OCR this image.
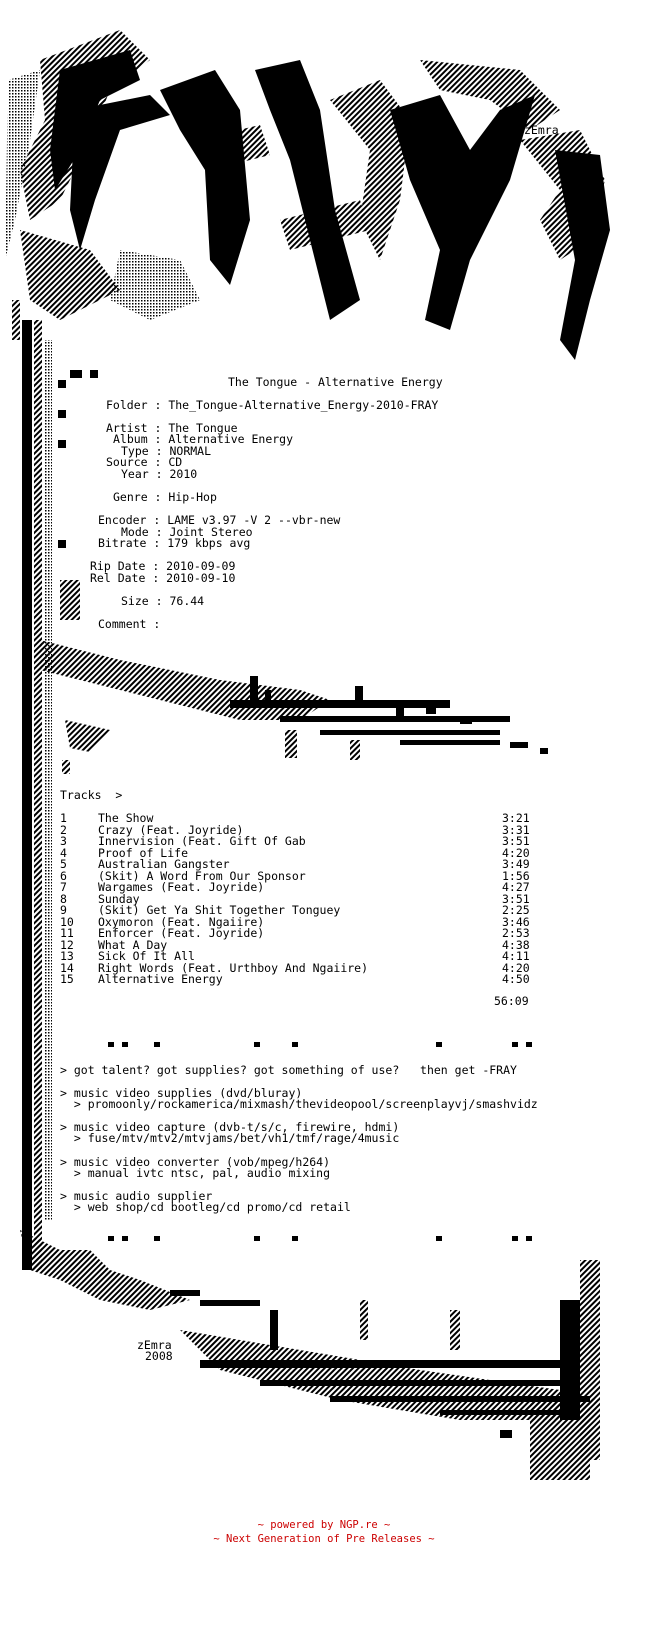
zEmra
The Tongue - Alternative Energy
Folder : The_Tongue-Alternative_Energy-2010-FRAY
Artist : The Tongue
Album : Alternative Energy
Type : NORMAL
Source : CD
Year : 2010
Genre : Hip-Hop
Encoder : LAME v3.97 -V 2 --vbr-new
Mode : Joint Stereo
Bitrate : 179 kbps avg
Rip Date : 2010-09-09
Rel Date : 2010-09-10
Size : 76.44
Comment :
Tracks  >
1	The Show	3:21
2	Crazy (Feat. Joyride)	3:31
3	Innervision (Feat. Gift Of Gab	3:51
4	Proof of Life	4:20
5	Australian Gangster	3:49
6	(Skit) A Word From Our Sponsor	1:56
7	Wargames (Feat. Joyride)	4:27
8	Sunday	3:51
9	(Skit) Get Ya Shit Together Tonguey	2:25
10 Oxymoron (Feat. Ngaiire)	3:46
11 Enforcer (Feat. Joyride)	2:53
12 What A Day	4:38
13 Sick Of It All	4:11
14 Right Words (Feat. Urthboy And Ngaiire)	4:20
15 Alternative Energy	4:50
56:09
> got talent? got supplies? got something of use?   then get -FRAY
> music video supplies (dvd/bluray)
> promoonly/rockamerica/mixmash/thevideopool/screenplayvj/smashvidz
> music video capture (dvb-t/s/c, firewire, hdmi)
> fuse/mtv/mtv2/mtvjams/bet/vh1/tmf/rage/4music
> music video converter (vob/mpeg/h264)
> manual ivtc ntsc, pal, audio mixing
> music audio supplier
> web shop/cd bootleg/cd promo/cd retail
zEmra
2008
~ powered by NGP.re ~
~ Next Generation of Pre Releases ~
